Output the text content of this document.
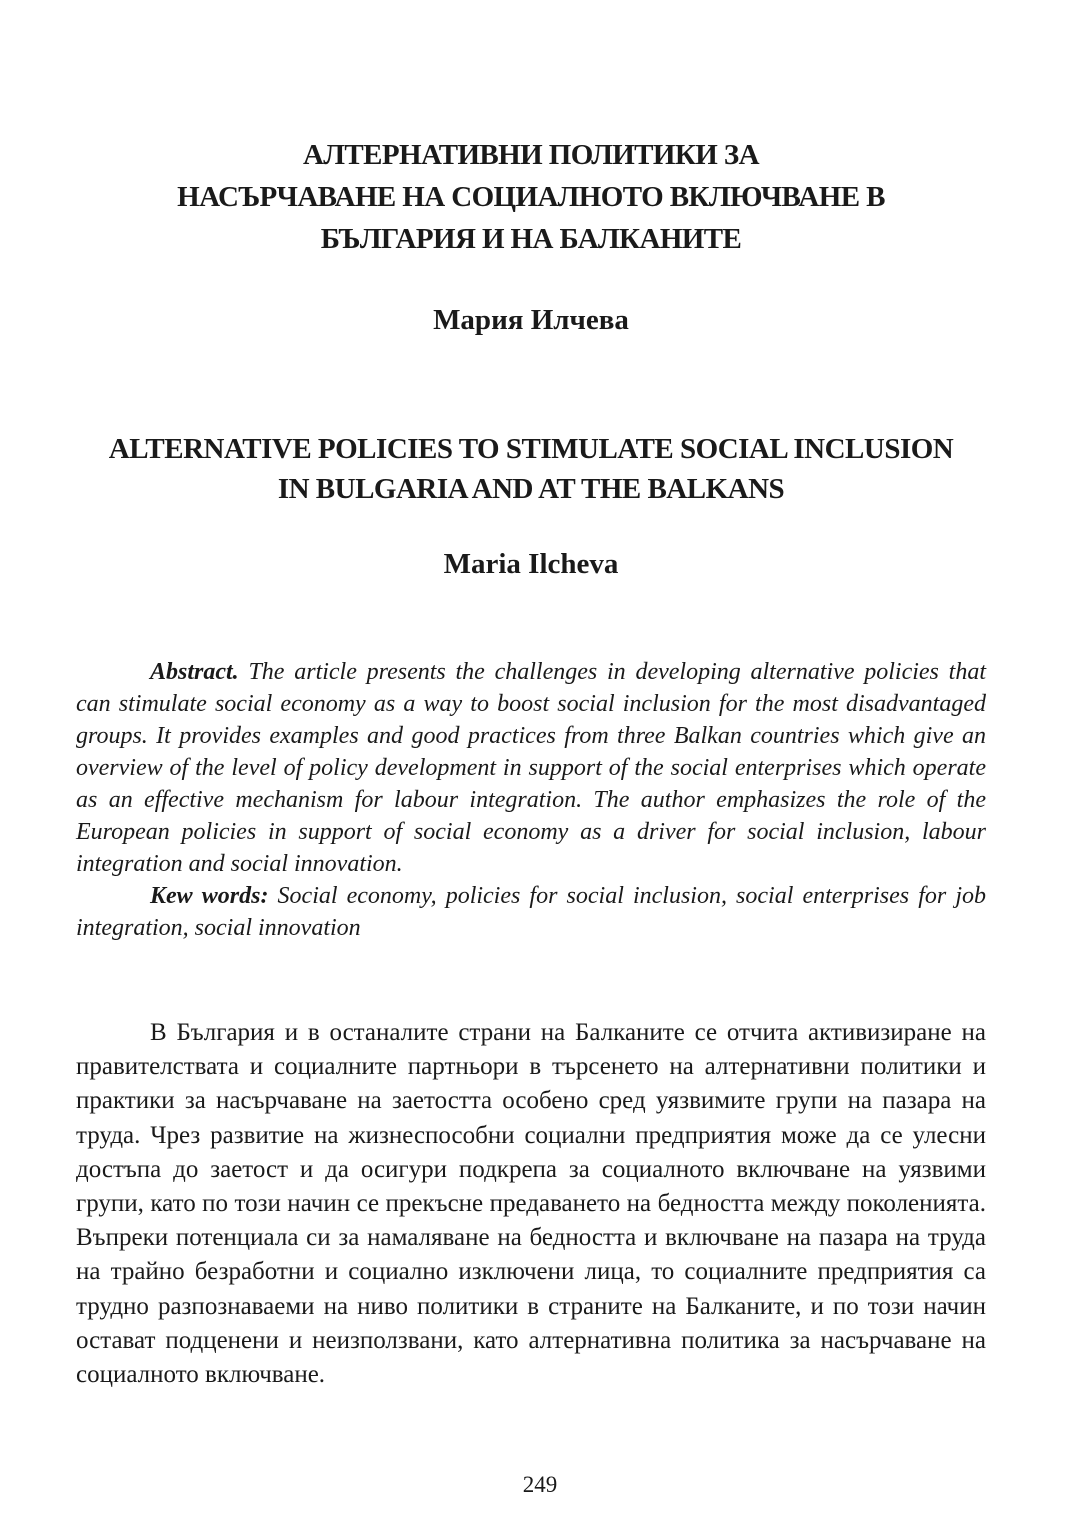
АЛТЕРНАТИВНИ ПОЛИТИКИ ЗА
НАСЪРЧАВАНЕ НА СОЦИАЛНОТО ВКЛЮЧВАНЕ В
БЪЛГАРИЯ И НА БАЛКАНИТЕ
Мария Илчева
ALTERNATIVE POLICIES TO STIMULATE SOCIAL INCLUSION
IN BULGARIA AND AT THE BALKANS
Maria Ilcheva

Abstract. The article presents the challenges in developing alternative policies that can stimulate social economy as a way to boost social inclusion for the most disadvantaged groups. It provides examples and good practices from three Balkan countries which give an overview of the level of policy development in support of the social enterprises which operate as an effective mechanism for labour integration. The author emphasizes the role of the European policies in support of social economy as a driver for social inclusion, labour integration and social innovation.

Kew words: Social economy, policies for social inclusion, social enterprises for job integration, social innovation

В България и в останалите страни на Балканите се отчита активизиране на правителствата и социалните партньори в търсенето на алтернативни политики и практики за насърчаване на заетостта особено сред уязвимите групи на пазара на труда. Чрез развитие на жизнеспособни социални предприятия може да се улесни достъпа до заетост и да осигури подкрепа за социалното включване на уязвими групи, като по този начин се прекъсне предаването на бедността между поколенията. Въпреки потенциала си за намаляване на бедността и включване на пазара на труда на трайно безработни и социално изключени лица, то социалните предприятия са трудно разпознаваеми на ниво политики в страните на Балканите, и по този начин остават подценени и неизползвани, като алтернативна политика за насърчаване на социалното включване.

249
